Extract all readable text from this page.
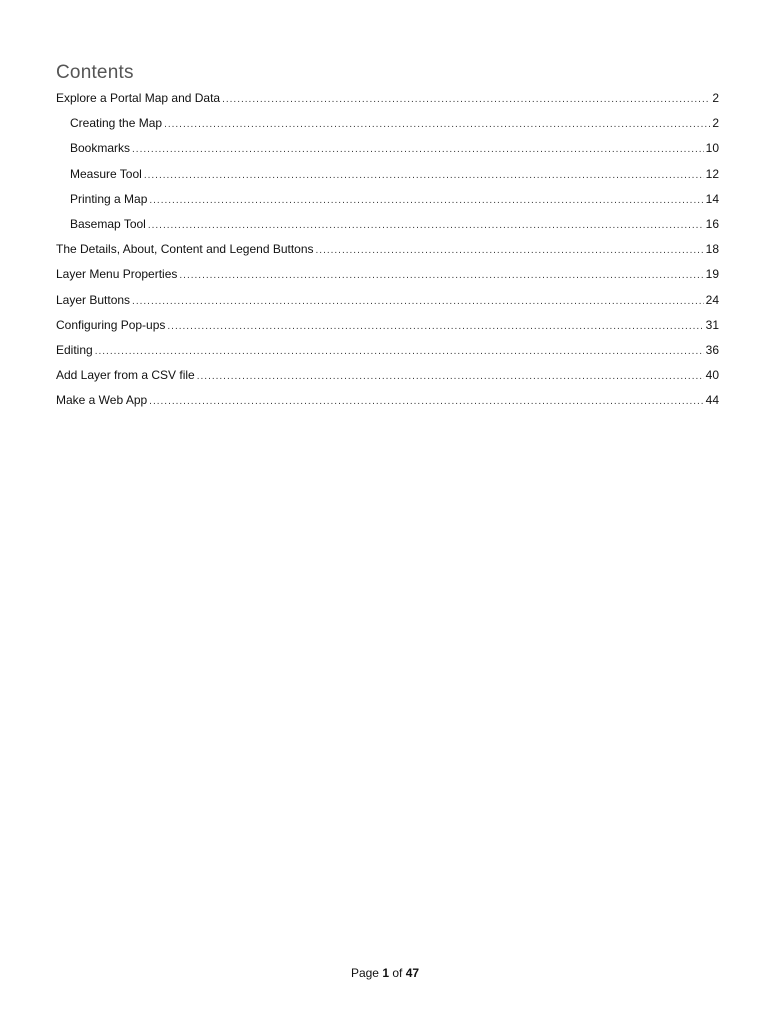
Contents
Explore a Portal Map and Data .....	2
Creating the Map .....	2
Bookmarks .....	10
Measure Tool .....	12
Printing a Map .....	14
Basemap Tool .....	16
The Details, About, Content and Legend Buttons .....	18
Layer Menu Properties .....	19
Layer Buttons .....	24
Configuring Pop-ups .....	31
Editing .....	36
Add Layer from a CSV file .....	40
Make a Web App .....	44
Page 1 of 47
